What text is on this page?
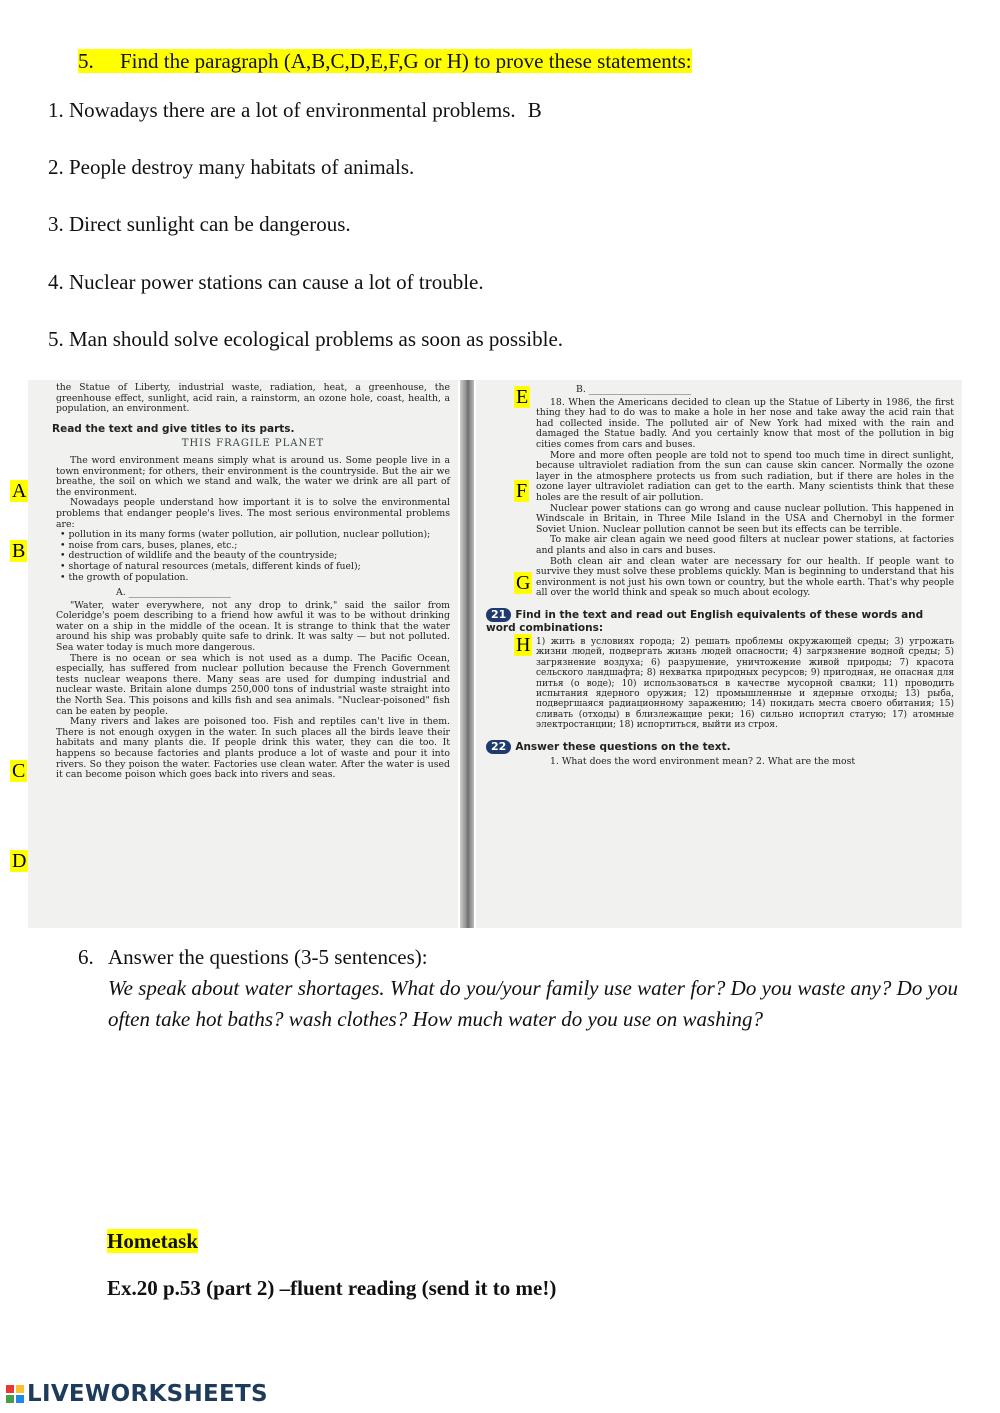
5. Find the paragraph (A,B,C,D,E,F,G or H) to prove these statements:
1. Nowadays there are a lot of environmental problems. B
2. People destroy many habitats of animals.
3. Direct sunlight can be dangerous.
4. Nuclear power stations can cause a lot of trouble.
5. Man should solve ecological problems as soon as possible.

the Statue of Liberty, industrial waste, radiation, heat, a greenhouse, the greenhouse effect, sunlight, acid rain, a rainstorm, an ozone hole, coast, health, a population, an environment.

Read the text and give titles to its parts.

THIS FRAGILE PLANET

The word environment means simply what is around us. Some people live in a town environment; for others, their environment is the countryside. But the air we breathe, the soil on which we stand and walk, the water we drink are all part of the environment.

Nowadays people understand how important it is to solve the environmental problems that endanger people's lives. The most serious environmental problems are:

• pollution in its many forms (water pollution, air pollution, nuclear pollution);

• noise from cars, buses, planes, etc.;

• destruction of wildlife and the beauty of the countryside;

• shortage of natural resources (metals, different kinds of fuel);

• the growth of population.

A. ______________________

"Water, water everywhere, not any drop to drink," said the sailor from Coleridge's poem describing to a friend how awful it was to be without drinking water on a ship in the middle of the ocean. It is strange to think that the water around his ship was probably quite safe to drink. It was salty — but not polluted. Sea water today is much more dangerous.

There is no ocean or sea which is not used as a dump. The Pacific Ocean, especially, has suffered from nuclear pollution because the French Government tests nuclear weapons there. Many seas are used for dumping industrial and nuclear waste. Britain alone dumps 250,000 tons of industrial waste straight into the North Sea. This poisons and kills fish and sea animals. "Nuclear-poisoned" fish can be eaten by people.

Many rivers and lakes are poisoned too. Fish and reptiles can't live in them. There is not enough oxygen in the water. In such places all the birds leave their habitats and many plants die. If people drink this water, they can die too. It happens so because factories and plants produce a lot of waste and pour it into rivers. So they poison the water. Factories use clean water. After the water is used it can become poison which goes back into rivers and seas.

B. ______________________

18. When the Americans decided to clean up the Statue of Liberty in 1986, the first thing they had to do was to make a hole in her nose and take away the acid rain that had collected inside. The polluted air of New York had mixed with the rain and damaged the Statue badly. And you certainly know that most of the pollution in big cities comes from cars and buses.

More and more often people are told not to spend too much time in direct sunlight, because ultraviolet radiation from the sun can cause skin cancer. Normally the ozone layer in the atmosphere protects us from such radiation, but if there are holes in the ozone layer ultraviolet radiation can get to the earth. Many scientists think that these holes are the result of air pollution.

Nuclear power stations can go wrong and cause nuclear pollution. This happened in Windscale in Britain, in Three Mile Island in the USA and Chernobyl in the former Soviet Union. Nuclear pollution cannot be seen but its effects can be terrible.

To make air clean again we need good filters at nuclear power stations, at factories and plants and also in cars and buses.

Both clean air and clean water are necessary for our health. If people want to survive they must solve these problems quickly. Man is beginning to understand that his environment is not just his own town or country, but the whole earth. That's why people all over the world think and speak so much about ecology.

21 Find in the text and read out English equivalents of these words and word combinations:

1) жить в условиях города; 2) решать проблемы окружающей среды; 3) угрожать жизни людей, подвергать жизнь людей опасности; 4) загрязнение водной среды; 5) загрязнение воздуха; 6) разрушение, уничтожение живой природы; 7) красота сельского ландшафта; 8) нехватка природных ресурсов; 9) пригодная, не опасная для питья (о воде); 10) использоваться в качестве мусорной свалки; 11) проводить испытания ядерного оружия; 12) промышленные и ядерные отходы; 13) рыба, подвергшаяся радиационному заражению; 14) покидать места своего обитания; 15) сливать (отходы) в близлежащие реки; 16) сильно испортил статую; 17) атомные электростанции; 18) испортиться, выйти из строя.

22 Answer these questions on the text.

1. What does the word environment mean? 2. What are the most

A
B
C
D
E
F
G
H
6. Answer the questions (3-5 sentences):
We speak about water shortages. What do you/your family use water for? Do you waste any? Do you often take hot baths? wash clothes? How much water do you use on washing?
Hometask
Ex.20 p.53 (part 2) –fluent reading (send it to me!)
LIVEWORKSHEETS
